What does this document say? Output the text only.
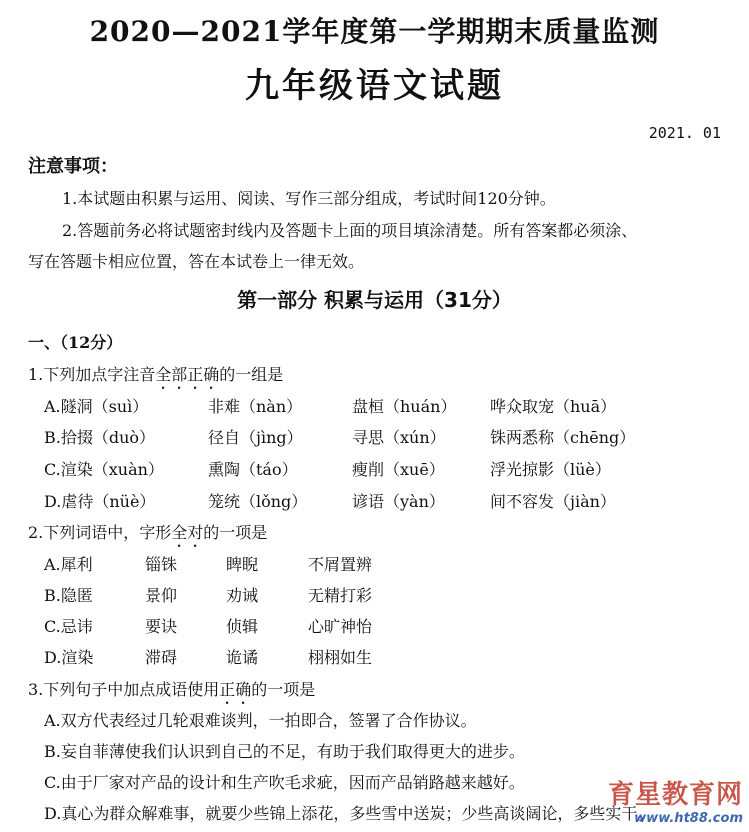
2020—2021学年度第一学期期末质量监测
九年级语文试题
2021. 01
注意事项：
1.本试题由积累与运用、阅读、写作三部分组成，考试时间120分钟。
2.答题前务必将试题密封线内及答题卡上面的项目填涂清楚。所有答案都必须涂、
写在答题卡相应位置，答在本试卷上一律无效。
第一部分 积累与运用（31分）
一、（12分）
1.下列加点字注音全部正确的一组是
A.隧洞（suì）	非难（nàn）	盘桓（huán） 哗众取宠（huā）
B.拾掇（duò）	径自（jìng）	寻思（xún）	铢两悉称（chēng）
C.渲染（xuàn）	熏陶（táo）	瘦削（xuē）	浮光掠影（lüè）
D.虐待（nüè）	笼统（lǒng）	谚语（yàn）	间不容发（jiàn）
2.下列词语中，字形全对的一项是
A.犀利	锱铢	睥睨	不屑置辨
B.隐匿	景仰	劝诫	无精打彩
C.忌讳	要诀	侦辑	心旷神怡
D.渲染	滞碍	诡谲	栩栩如生
3.下列句子中加点成语使用正确的一项是
A.双方代表经过几轮艰难谈判，一拍即合，签署了合作协议。
B.妄自菲薄使我们认识到自己的不足，有助于我们取得更大的进步。
C.由于厂家对产品的设计和生产吹毛求疵，因而产品销路越来越好。
D.真心为群众解难事，就要少些锦上添花，多些雪中送炭；少些高谈阔论，多些实干。
育星教育网
www.ht88.com
